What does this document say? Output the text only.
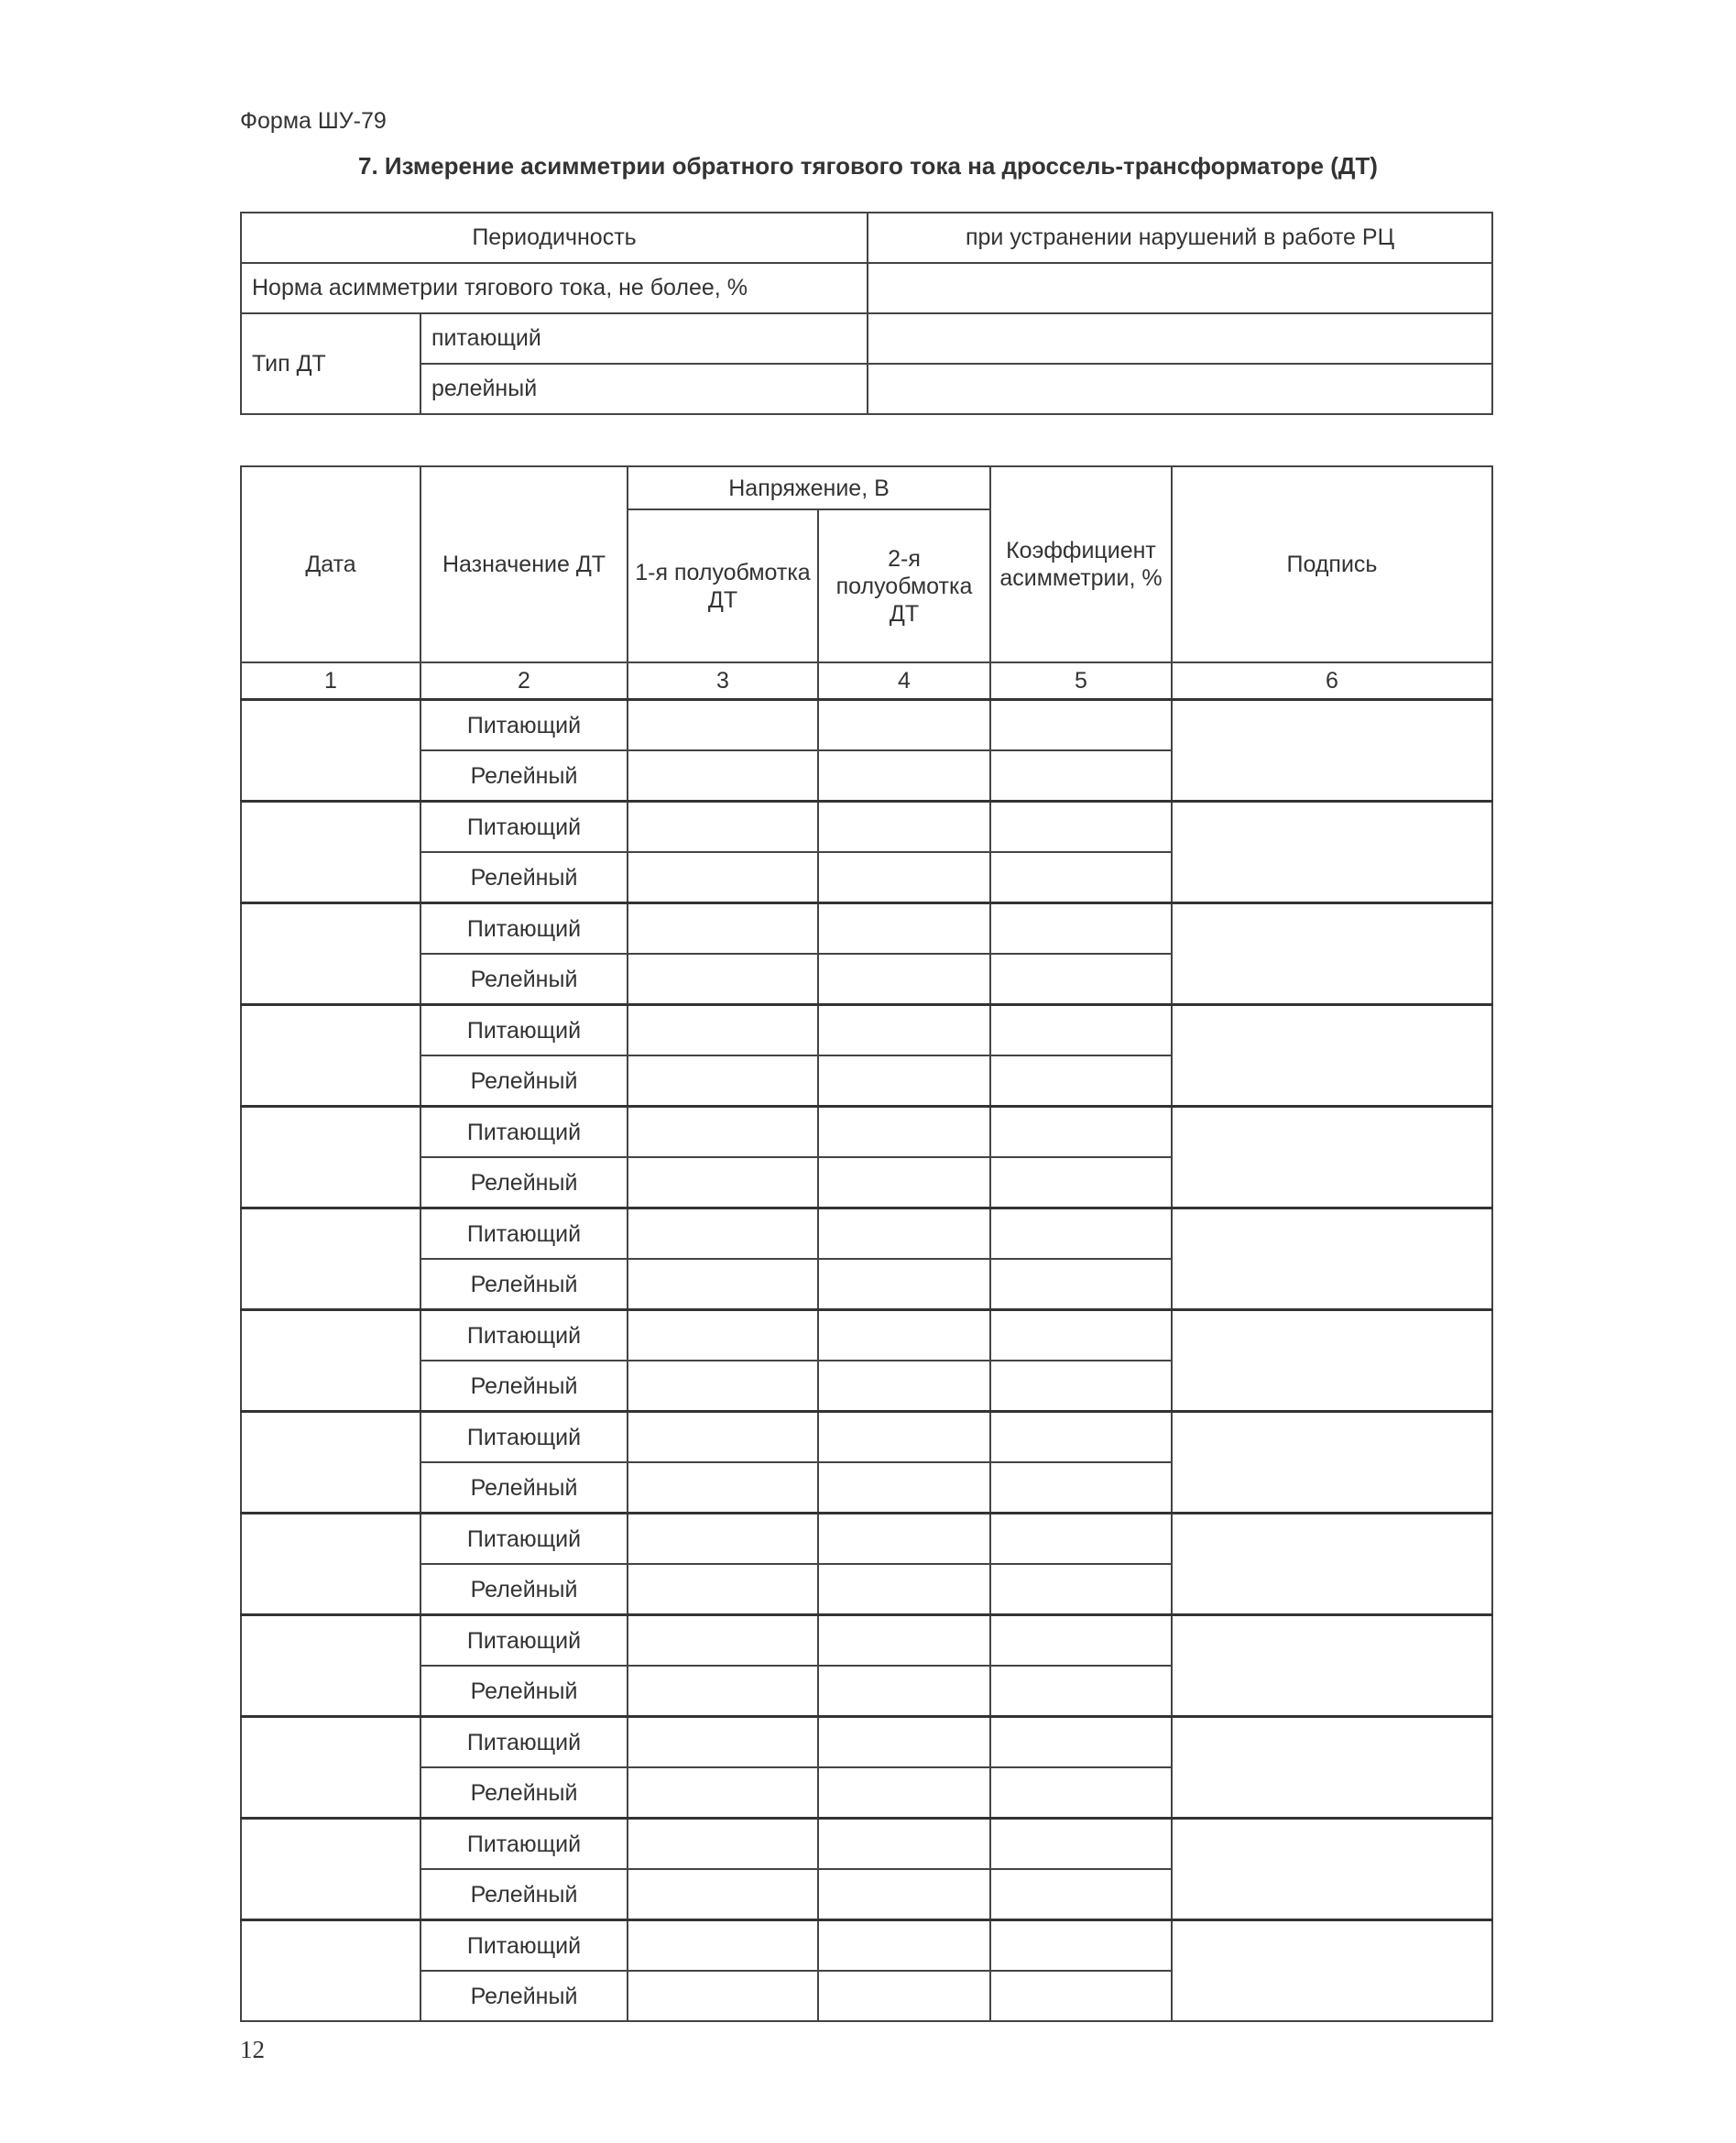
Форма ШУ-79
7. Измерение асимметрии обратного тягового тока на дроссель-трансформаторе (ДТ)
Периодичность		при устранении нарушений в работе РЦ
Норма асимметрии тягового тока, не более, %		
Тип ДТ	питающий	
	релейный	
Дата	Назначение ДТ	Напряжение, В		Коэффициент асимметрии, %	Подпись
		1-я полуобмотка ДТ	2-я полуобмотка ДТ		
1	2	3	4	5	6
	Питающий				
	Релейный				
	Питающий				
	Релейный				
	Питающий				
	Релейный				
	Питающий				
	Релейный				
	Питающий				
	Релейный				
	Питающий				
	Релейный				
	Питающий				
	Релейный				
	Питающий				
	Релейный				
	Питающий				
	Релейный				
	Питающий				
	Релейный				
	Питающий				
	Релейный				
	Питающий				
	Релейный				
	Питающий				
	Релейный				
12
